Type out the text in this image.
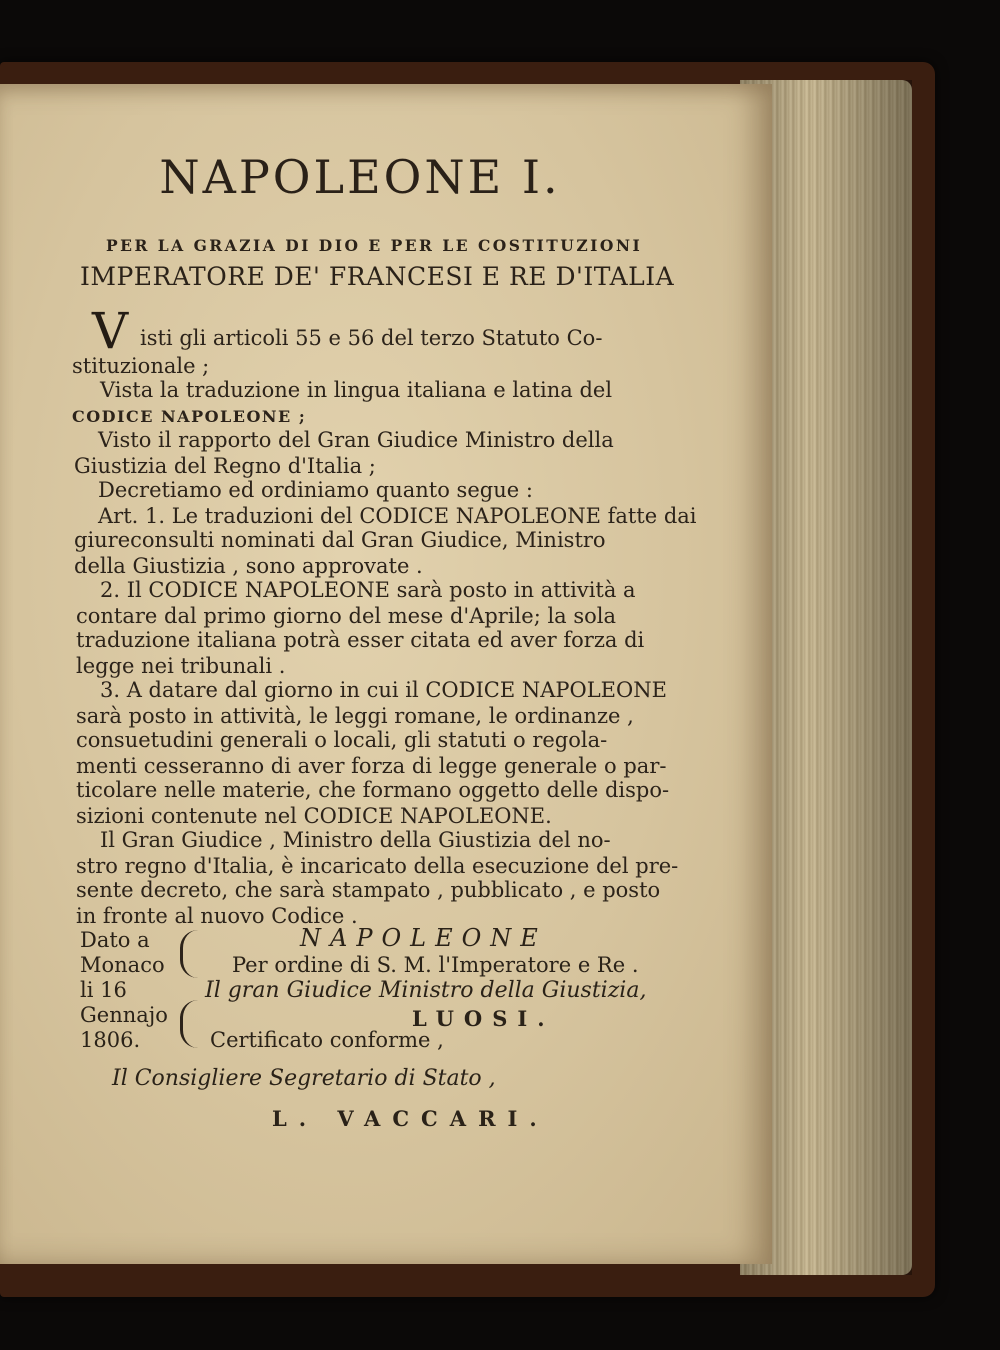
NAPOLEONE I.
PER LA GRAZIA DI DIO E PER LE COSTITUZIONI
IMPERATORE DE' FRANCESI E RE D'ITALIA
V isti gli articoli 55 e 56 del terzo Statuto Co-
stituzionale ;
Vista la traduzione in lingua italiana e latina del
CODICE NAPOLEONE ;
Visto il rapporto del Gran Giudice Ministro della
Giustizia del Regno d'Italia ;
Decretiamo ed ordiniamo quanto segue :
Art. 1. Le traduzioni del CODICE NAPOLEONE fatte dai
giureconsulti nominati dal Gran Giudice, Ministro
della Giustizia , sono approvate .
2. Il CODICE NAPOLEONE sarà posto in attività a
contare dal primo giorno del mese d'Aprile; la sola
traduzione italiana potrà esser citata ed aver forza di
legge nei tribunali .
3. A datare dal giorno in cui il CODICE NAPOLEONE
sarà posto in attività, le leggi romane, le ordinanze ,
consuetudini generali o locali, gli statuti o regola-
menti cesseranno di aver forza di legge generale o par-
ticolare nelle materie, che formano oggetto delle dispo-
sizioni contenute nel CODICE NAPOLEONE.
Il Gran Giudice , Ministro della Giustizia del no-
stro regno d'Italia, è incaricato della esecuzione del pre-
sente decreto, che sarà stampato , pubblicato , e posto
in fronte al nuovo Codice .
Dato a
Monaco
li 16
Gennajo
1806.
NAPOLEONE
Per ordine di S. M. l'Imperatore e Re .
Il gran Giudice Ministro della Giustizia,
LUOSI.
Certificato conforme ,
Il Consigliere Segretario di Stato ,
L. VACCARI.
